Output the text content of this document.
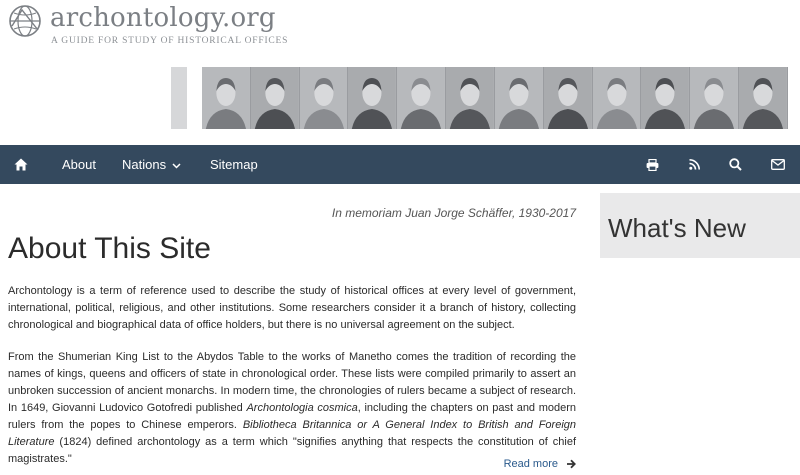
archontology.org
A GUIDE FOR STUDY OF HISTORICAL OFFICES
About Nations	Sitemap
In memoriam Juan Jorge Schäffer, 1930-2017
About This Site

Archontology is a term of reference used to describe the study of historical offices at every level of government, international, political, religious, and other institutions. Some researchers consider it a branch of history, collecting chronological and biographical data of office holders, but there is no universal agreement on the subject.

From the Shumerian King List to the Abydos Table to the works of Manetho comes the tradition of recording the names of kings, queens and officers of state in chronological order. These lists were compiled primarily to assert an unbroken succession of ancient monarchs. In modern time, the chronologies of rulers became a subject of research. In 1649, Giovanni Ludovico Gotofredi published Archontologia cosmica, including the chapters on past and modern rulers from the popes to Chinese emperors. Bibliotheca Britannica or A General Index to British and Foreign Literature (1824) defined archontology as a term which "signifies anything that respects the constitution of chief magistrates."	Read more
What's New
